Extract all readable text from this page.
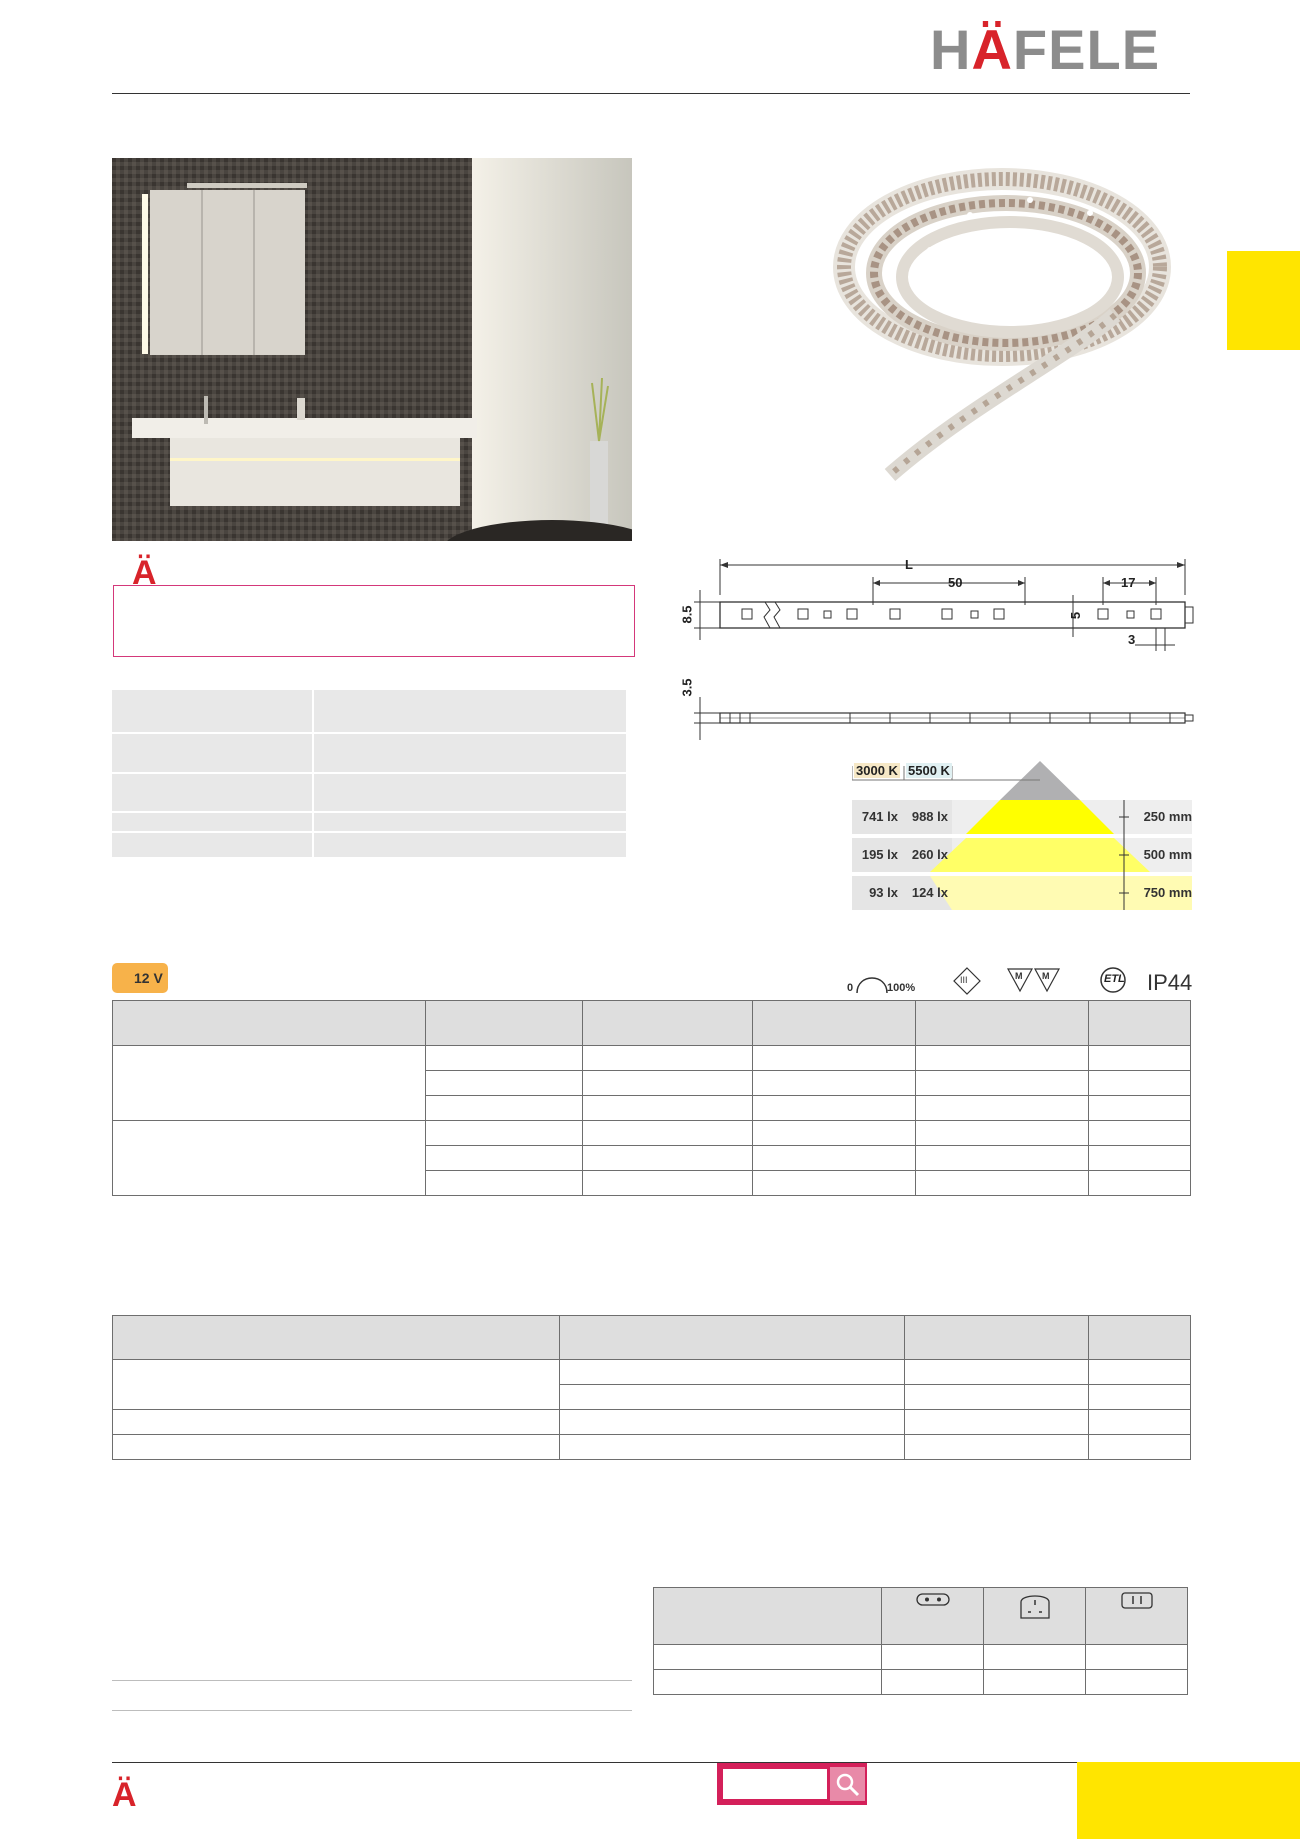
HÄFELE
Ä	L
50	17
8.5	5
3
3.5
3000 K 5500 K
741 lx	988 lx	250 mm
195 lx	260 lx	500 mm
93 lx	124 lx	750 mm
12 V
0	100%
III	M M	ETL IP44

Ä
